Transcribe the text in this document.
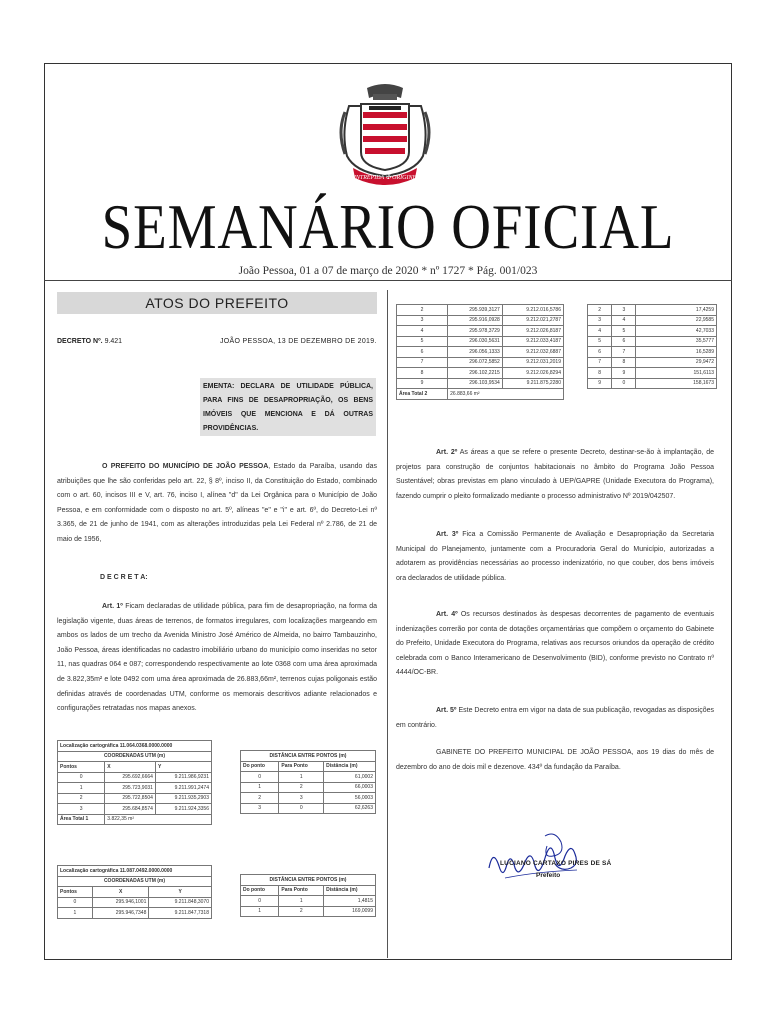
INTREPIDA ✠ ORIGINE
SEMANÁRIO OFICIAL
João Pessoa, 01 a 07 de março de 2020 * nº 1727 * Pág. 001/023
ATOS DO PREFEITO
DECRETO Nº. 9.421	JOÃO PESSOA, 13 DE DEZEMBRO DE 2019.
EMENTA: DECLARA DE UTILIDADE PÚBLICA, PARA FINS DE DESAPROPRIAÇÃO, OS BENS IMÓVEIS QUE MENCIONA E DÁ OUTRAS PROVIDÊNCIAS.
O PREFEITO DO MUNICÍPIO DE JOÃO PESSOA, Estado da Paraíba, usando das atribuições que lhe são conferidas pelo art. 22, § 8º, inciso II, da Constituição do Estado, combinado com o art. 60, incisos III e V, art. 76, inciso I, alínea "d" da Lei Orgânica para o Município de João Pessoa, e em conformidade com o disposto no art. 5º, alíneas "e" e "i" e art. 6º, do Decreto-Lei nº 3.365, de 21 de junho de 1941, com as alterações introduzidas pela Lei Federal nº 2.786, de 21 de maio de 1956,
D E C R E T A:
Art. 1º Ficam declaradas de utilidade pública, para fim de desapropriação, na forma da legislação vigente, duas áreas de terrenos, de formatos irregulares, com localizações margeando em ambos os lados de um trecho da Avenida Ministro José Américo de Almeida, no bairro Tambauzinho, João Pessoa, áreas identificadas no cadastro imobiliário urbano do município como inseridas no setor 11, nas quadras 064 e 087; correspondendo respectivamente ao lote 0368 com uma área aproximada de 3.822,35m² e lote 0492 com uma área aproximada de 26.883,66m², terrenos cujas poligonais estão definidas através de coordenadas UTM, conforme os memorais descritivos adiante relacionados e configurações retratadas nos mapas anexos.
Localização cartográfica 11.064.0368.0000.0000		
COORDENADAS UTM (m)		
Pontos	X	Y
0	295.692,6664	9.211.986,9231
1	295.723,9031	9.211.991,2474
2	295.722,8504	9.211.935,2903
3	295.684,8574	9.211.924,3356
Área Total 1	3.822,35 m²	
DISTÂNCIA ENTRE PONTOS (m)		
Do ponto	Para Ponto	Distância (m)
0	1	61,0002
1	2	66,0003
2	3	56,0003
3	0	62,6263
Localização cartográfica 11.087.0492.0000.0000		
COORDENADAS UTM (m)		
Pontos	X	Y
0	295.946,1001	9.211.848,3070
1	295.946,7348	9.211.847,7318
DISTÂNCIA ENTRE PONTOS (m)		
Do ponto	Para Ponto	Distância (m)
0	1	1,4815
1	2	169,0099
2	295.939,3127	9.212.016,5786
3	295.916,0928	9.212.021,2787
4	295.978,3729	9.212.026,8187
5	296.030,5631	9.212.033,4187
6	296.056,1333	9.212.032,6887
7	296.072,5852	9.212.031,2019
8	296.102,2215	9.212.026,8294
9	296.103,9534	9.211.875,2280
Área Total 2	26.883,66 m²	
2	3	17,4259
3	4	22,9585
4	5	42,7033
5	6	35,5777
6	7	16,5289
7	8	29,9472
8	9	151,6113
9	0	158,1673
Art. 2º As áreas a que se refere o presente Decreto, destinar-se-ão à implantação, de projetos para construção de conjuntos habitacionais no âmbito do Programa João Pessoa Sustentável; obras previstas em plano vinculado à UEP/GAPRE (Unidade Executora do Programa), fazendo cumprir o pleito formalizado mediante o processo administrativo Nº 2019/042507.
Art. 3º Fica a Comissão Permanente de Avaliação e Desapropriação da Secretaria Municipal do Planejamento, juntamente com a Procuradoria Geral do Município, autorizadas a adotarem as providências necessárias ao processo indenizatório, no que couber, dos bens imóveis ora declarados de utilidade pública.
Art. 4º Os recursos destinados às despesas decorrentes de pagamento de eventuais indenizações correrão por conta de dotações orçamentárias que compõem o orçamento do Gabinete do Prefeito, Unidade Executora do Programa, relativas aos recursos oriundos da operação de crédito celebrada com o Banco Interamericano de Desenvolvimento (BID), conforme previsto no Contrato nº 4444/OC-BR.
Art. 5º Este Decreto entra em vigor na data de sua publicação, revogadas as disposições em contrário.
GABINETE DO PREFEITO MUNICIPAL DE JOÃO PESSOA, aos 19 dias do mês de dezembro do ano de dois mil e dezenove. 434º da fundação da Paraíba.
LUCIANO CARTAXO PIRES DE SÁ
Prefeito
